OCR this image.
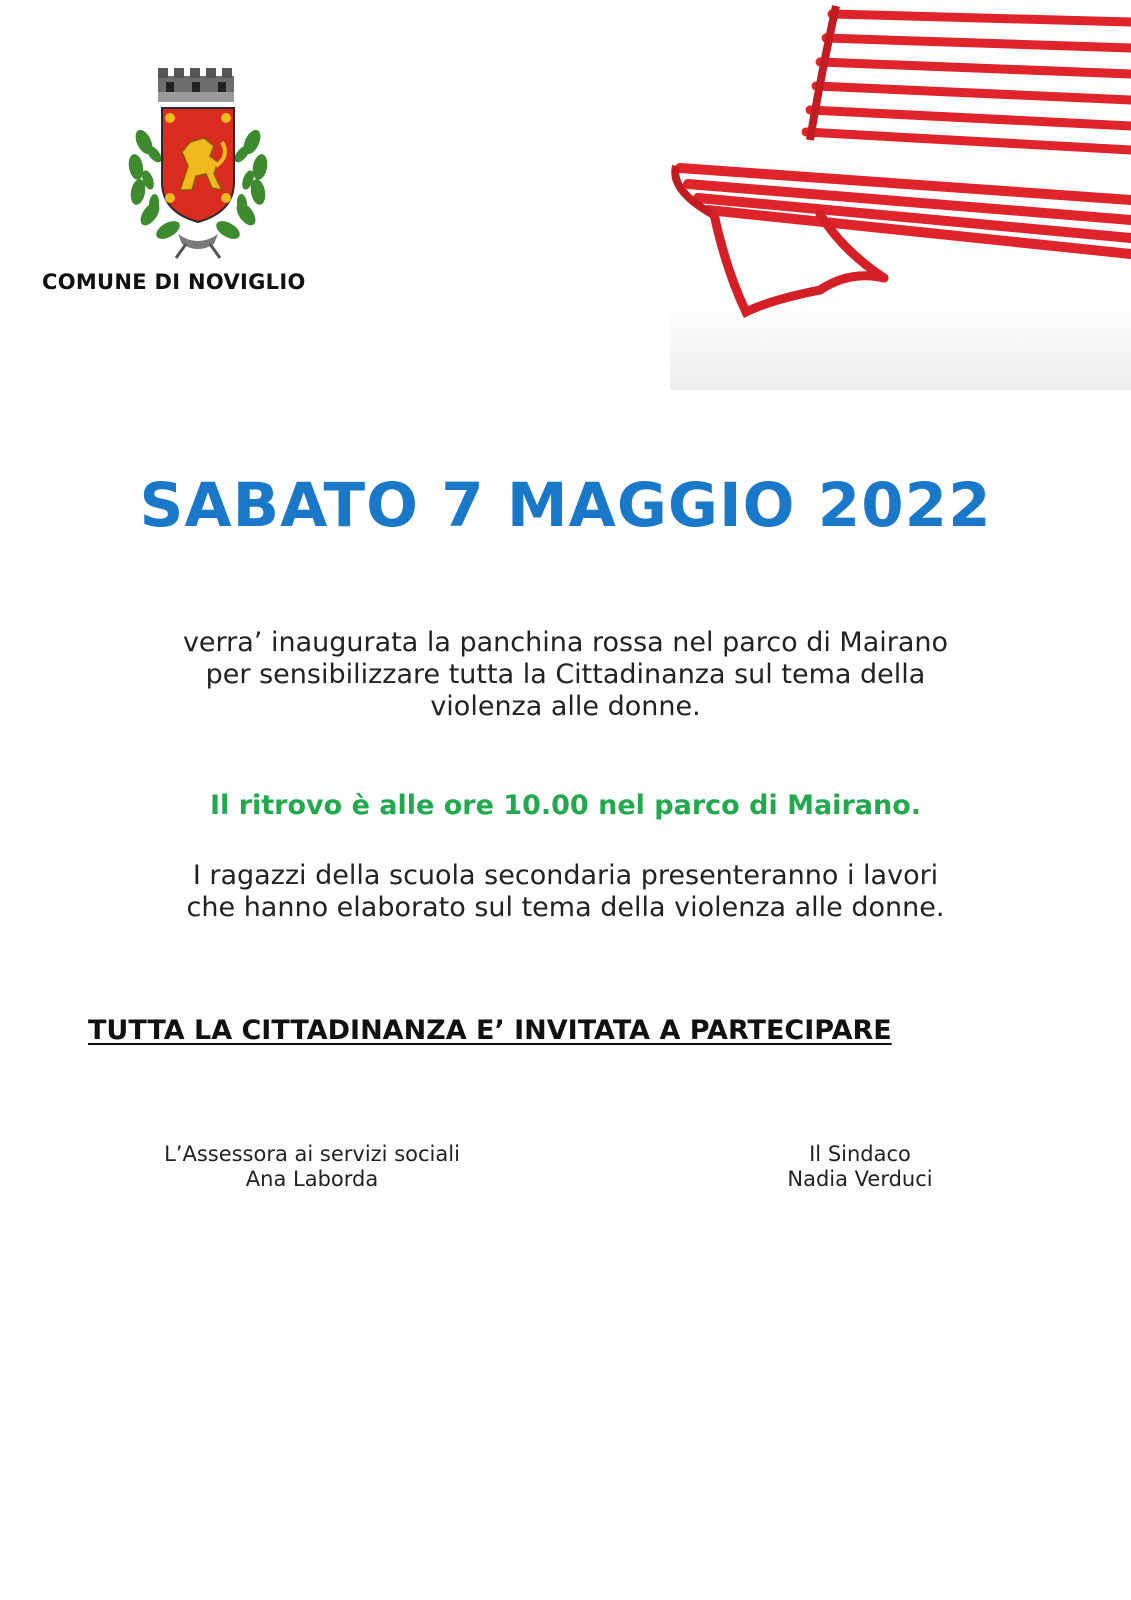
COMUNE DI NOVIGLIO
SABATO 7 MAGGIO 2022
verra’ inaugurata la panchina rossa nel parco di Mairano
per sensibilizzare tutta la Cittadinanza sul tema della
violenza alle donne.
Il ritrovo è alle ore 10.00 nel parco di Mairano.
I ragazzi della scuola secondaria presenteranno i lavori
che hanno elaborato sul tema della violenza alle donne.
TUTTA LA CITTADINANZA E’ INVITATA A PARTECIPARE
L’Assessora ai servizi sociali
Ana Laborda
Il Sindaco
Nadia Verduci
